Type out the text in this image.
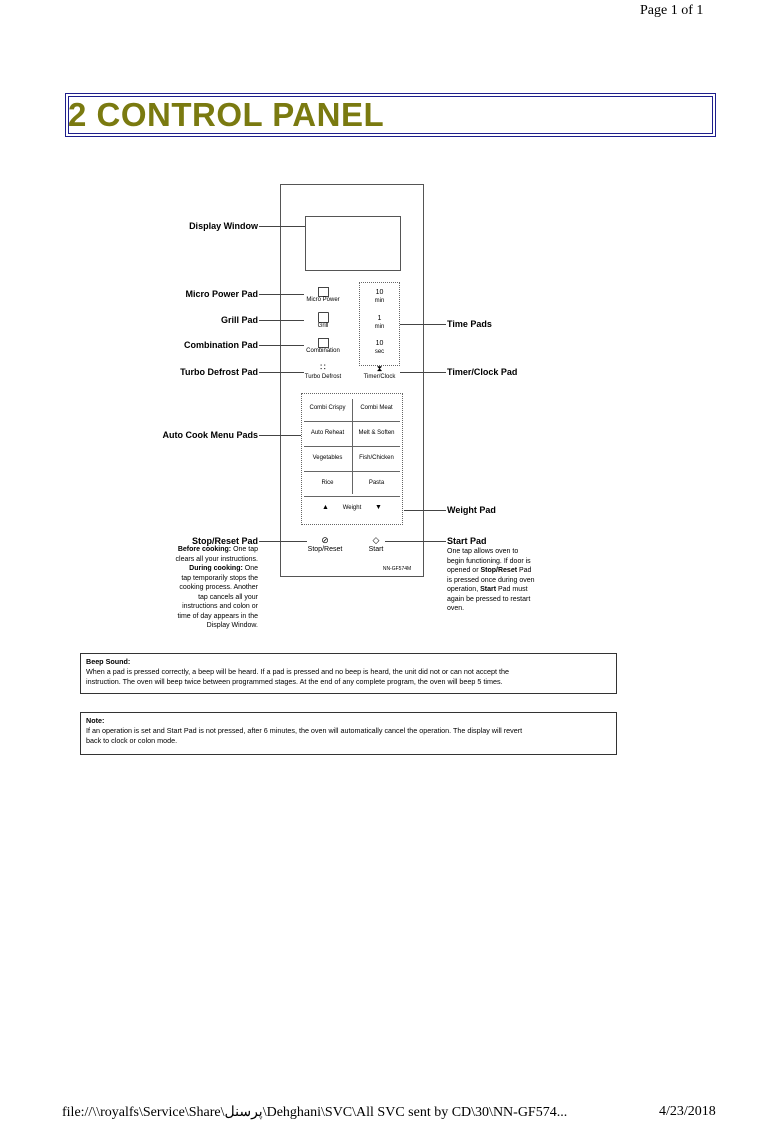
Page 1 of 1
2 CONTROL PANEL
Display Window
Micro Power Pad
Grill Pad
Combination Pad
Turbo Defrost Pad
Auto Cook Menu Pads
Stop/Reset Pad
Time Pads
Timer/Clock Pad
Weight Pad
Start Pad
Micro Power
Grill
Combination
∷
Turbo Defrost
10
min
1
min
10
sec
⧗
Timer/Clock
Combi Crispy	Combi Meat
Auto Reheat	Melt & Soften
Vegetables	Fish/Chicken
Rice	Pasta
▲	Weight	▼
⊘
Stop/Reset
◇
Start
NN-GF574M
Before cooking: One tap
clears all your instructions.
During cooking: One
tap temporarily stops the
cooking process. Another
tap cancels all your
instructions and colon or
time of day appears in the
Display Window.
One tap allows oven to
begin functioning. If door is
opened or Stop/Reset Pad
is pressed once during oven
operation, Start Pad must
again be pressed to restart
oven.
Beep Sound:
When a pad is pressed correctly, a beep will be heard. If a pad is pressed and no beep is heard, the unit did not or can not accept the
instruction. The oven will beep twice between programmed stages. At the end of any complete program, the oven will beep 5 times.
Note:
If an operation is set and Start Pad is not pressed, after 6 minutes, the oven will automatically cancel the operation. The display will revert
back to clock or colon mode.
file://\\royalfs\Service\Share\پرسنل\Dehghani\SVC\All SVC sent by CD\30\NN-GF574...	4/23/2018
